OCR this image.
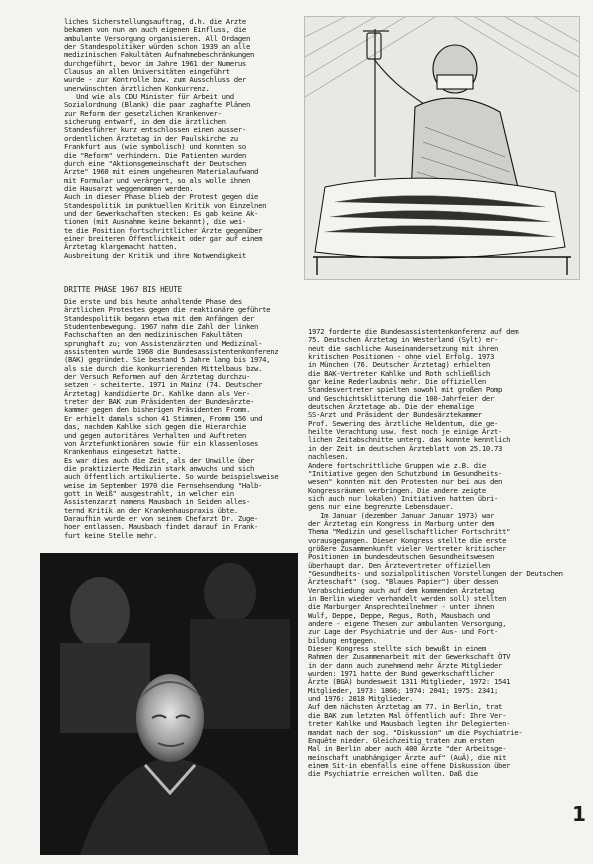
liches Sicherstellungsauftrag, d.h. die Ärzte
bekamen von nun an auch eigenen Einfluss, die
ambulante Versorgung organisieren. All Ordagen
der Standespolitiker würden schon 1939 an alle
medizinischen Fakultäten Aufnahmebeschränkungen
durchgeführt, bevor im Jahre 1961 der Numerus
Clausus an allen Universitäten eingeführt
wurde - zur Kontrolle bzw. zum Ausschluss der
unerwünschten ärztlichen Konkurrenz.
Und wie als CDU Minister für Arbeit und
Sozialordnung (Blank) die paar zaghafte Plänen
zur Reform der gesetzlichen Krankenver-
sicherung entwarf, in dem die ärztlichen
Standesführer kurz entschlossen einen ausser-
ordentlichen Ärztetag in der Paulskirche zu
Frankfurt aus (wie symbolisch) und konnten so
die "Reform" verhindern. Die Patienten wurden
durch eine "Aktionsgemeinschaft der Deutschen
Ärzte" 1960 mit einem ungeheuren Materialaufwand
mit Formular und verärgert, so als wolle ihnen
die Hausarzt weggenommen werden.
Auch in dieser Phase blieb der Protest gegen die
Standespolitik im punktuellen Kritik von Einzelnen
und der Gewerkschaften stecken: Es gab keine Ak-
tionen (mit Ausnahme keine bekannt), die wei-
te die Position fortschrittlicher Ärzte gegenüber
einer breiteren Öffentlichkeit oder gar auf einem
Ärztetag klargemacht hatten.
Ausbreitung der Kritik und ihre Notwendigkeit
DRITTE PHASE 1967 BIS HEUTE
Die erste und bis heute anhaltende Phase des
ärztlichen Protestes gegen die reaktionäre geführte
Standespolitik begann etwa mit dem Anfängen der
Studentenbewegung. 1967 nahm die Zahl der linken
Fachschaften an den medizinischen Fakultäten
sprunghaft zu; von Assistenzärzten und Medizinal-
assistenten wurde 1968 die Bundesassistentenkonferenz
(BAK) gegründet. Sie bestand 5 Jahre lang bis 1974,
als sie durch die konkurrierenden Mittelbaus bzw.
der Versuch Reformen auf den Ärztetag durchzu-
setzen - scheiterte. 1971 in Mainz (74. Deutscher
Ärztetag) kandidierte Dr. Kahlke dann als Ver-
treter der BAK zum Präsidenten der Bundesärzte-
kammer gegen den bisherigen Präsidenten Fromm.
Er erhielt damals schon 41 Stimmen, Fromm 156 und
das, nachdem Kahlke sich gegen die Hierarchie
und gegen autoritäres Verhalten und Auftreten
von Ärztefunktionären sowie für ein klassenloses
Krankenhaus eingesetzt hatte.
Es war dies auch die Zeit, als der Unwille über
die praktizierte Medizin stark anwuchs und sich
auch öffentlich artikulierte. So wurde beispielsweise
weise im September 1970 die Fernsehsendung "Halb-
gott in Weiß" ausgestrahlt, in welcher ein
Assistenzarzt namens Mausbach in Seiden alles-
ternd Kritik an der Krankenhauspraxis übte.
Daraufhin wurde er von seinem Chefarzt Dr. Zuge-
hoer entlassen. Mausbach findet darauf in Frank-
furt keine Stelle mehr.
1972 forderte die Bundesassistentenkonferenz auf dem
75. Deutschen Ärztetag in Westerland (Sylt) er-
neut die sachliche Auseinandersetzung mit ihren
kritischen Positionen - ohne viel Erfolg. 1973
in München (76. Deutscher Ärztetag) erhielten
die BAK-Vertreter Kahlke und Roth schließlich
gar keine Rederlaubnis mehr. Die offiziellen
Standesvertreter spielten sowohl mit großen Pomp
und Geschichtsklitterung die 100-Jahrfeier der
deutschen Ärztetage ab. Die der ehemalige
SS-Arzt und Präsident der Bundesärztekammer
Prof. Sewering des ärztliche Heldentum, die ge-
heilte Verachtung usw. fest noch je einige Ärzt-
lichen Zeitabschnitte unterg. das konnte kenntlich
in der Zeit im deutschen Ärzteblatt vom 25.10.73
nachlesen.
Andere fortschrittliche Gruppen wie z.B. die
"Initiative gegen den Schutzbund im Gesundheits-
wesen" konnten mit den Protesten nur bei aus den
Kongressräumen verbringen. Die andere zeigte
sich auch nur lokalen) Initiativen hatten übri-
gens nur eine begrenzte Lebensdauer.
Im Januar (dezember Januar Januar 1973) war
der Ärztetag ein Kongress in Marburg unter dem
Thema "Medizin und gesellschaftlicher Fortschritt"
vorausgegangen. Dieser Kongress stellte die erste
größere Zusammenkunft vieler Vertreter kritischer
Positionen im bundesdeutschen Gesundheitswesen
überhaupt dar. Den Ärztevertreter offiziellen
"Gesundheits- und sozialpolitischen Vorstellungen der Deutschen
Ärzteschaft" (sog. "Blaues Papier") über dessen
Verabschiedung auch auf dem kommenden Ärztetag
in Berlin wieder verhandelt werden soll) stellten
die Marburger Ansprechteilnehmer - unter ihnen
Wulf, Deppe, Deppe, Regus, Roth, Mausbach und
andere - eigene Thesen zur ambulanten Versorgung,
zur Lage der Psychiatrie und der Aus- und Fort-
bildung entgegen.
Dieser Kongress stellte sich bewußt in einem
Rahmen der Zusammenarbeit mit der Gewerkschaft ÖTV
in der dann auch zunehmend mehr Ärzte Mitglieder
wurden: 1971 hatte der Bund gewerkschaftlicher
Ärzte (BGÄ) bundesweit 1311 Mitglieder, 1972: 1541
Mitglieder, 1973: 1866; 1974: 2041; 1975: 2341;
und 1976: 2818 Mitglieder.
Auf dem nächsten Ärztetag am 77. in Berlin, trat
die BAK zum letzten Mal öffentlich auf: Ihre Ver-
treter Kahlke und Mausbach legten ihr Delegierten-
mandat nach der sog. "Diskussion" um die Psychiatrie-
Enquête nieder. Gleichzeitig traten zum ersten
Mal in Berlin aber auch 400 Ärzte "der Arbeitsge-
meinschaft unabhängiger Ärzte auf" (AuÄ), die mit
einem Sit-in ebenfalls eine offene Diskussion über
die Psychiatrie erreichen wollten. Daß die
1
